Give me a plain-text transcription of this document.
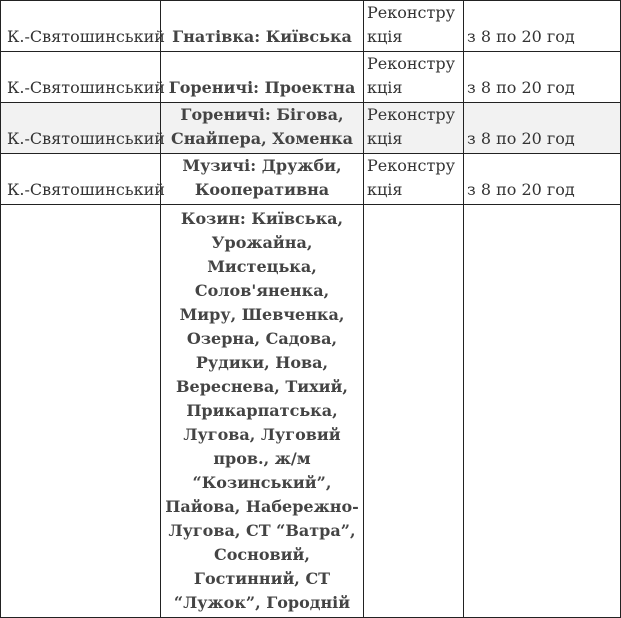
К.-Святошинський	Гнатівка: Київська	Реконструкція	з 8 по 20 год
К.-Святошинський	Гореничі: Проектна	Реконструкція	з 8 по 20 год
К.-Святошинський	Гореничі: Бігова, Снайпера, Хоменка	Реконструкція	з 8 по 20 год
К.-Святошинський	Музичі: Дружби, Кооперативна	Реконструкція	з 8 по 20 год
	Козин: Київська, Урожайна, Мистецька, Солов'яненка, Миру, Шевченка, Озерна, Садова, Рудики, Нова, Вереснева, Тихий, Прикарпатська, Лугова, Луговий пров., ж/м “Козинський”, Пайова, Набережно-Лугова, СТ “Ватра”, Сосновий, Гостинний, СТ “Лужок”, Городній		
